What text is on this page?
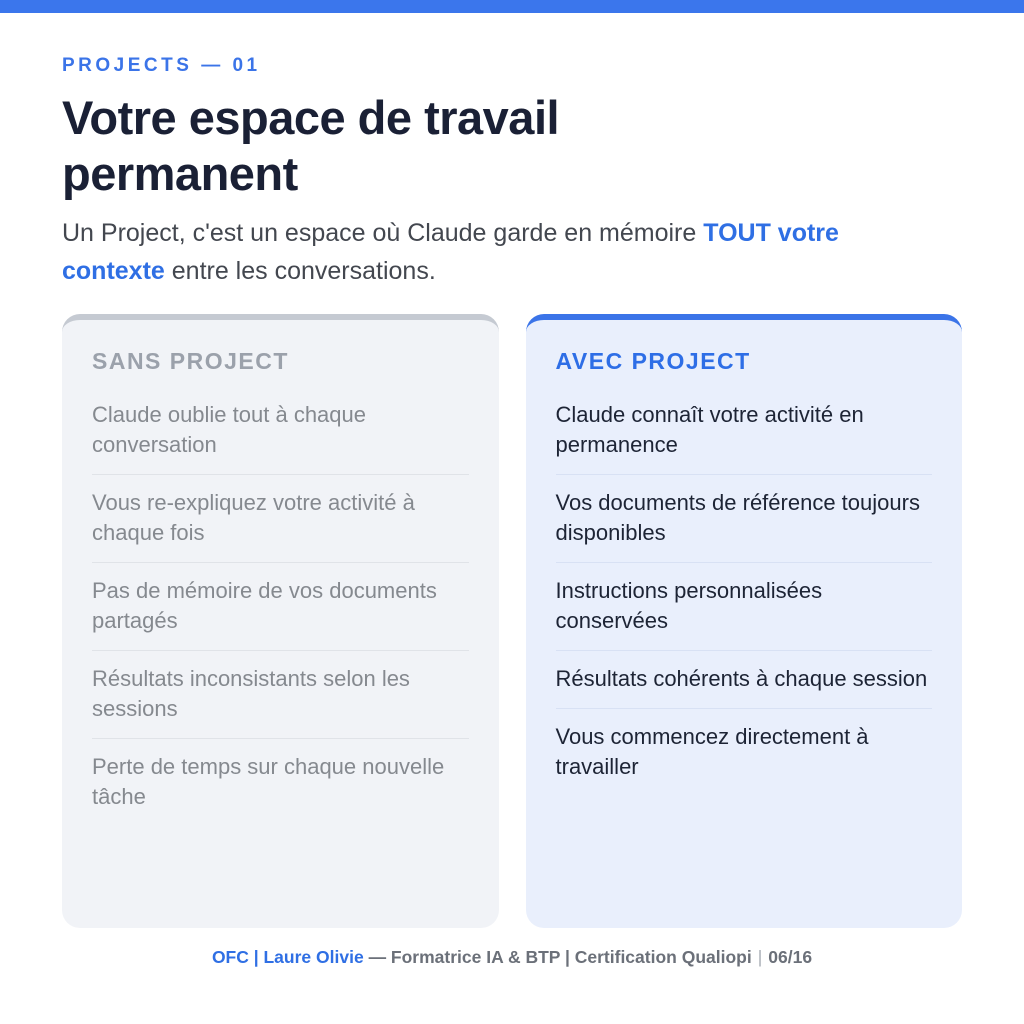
PROJECTS — 01
Votre espace de travail permanent

Un Project, c'est un espace où Claude garde en mémoire TOUT votre contexte entre les conversations.

SANS PROJECT
Claude oublie tout à chaque conversation
Vous re-expliquez votre activité à chaque fois
Pas de mémoire de vos documents partagés
Résultats inconsistants selon les sessions
Perte de temps sur chaque nouvelle tâche
AVEC PROJECT
Claude connaît votre activité en permanence
Vos documents de référence toujours disponibles
Instructions personnalisées conservées
Résultats cohérents à chaque session
Vous commencez directement à travailler
OFC | Laure Olivie — Formatrice IA & BTP | Certification Qualiopi | 06/16
